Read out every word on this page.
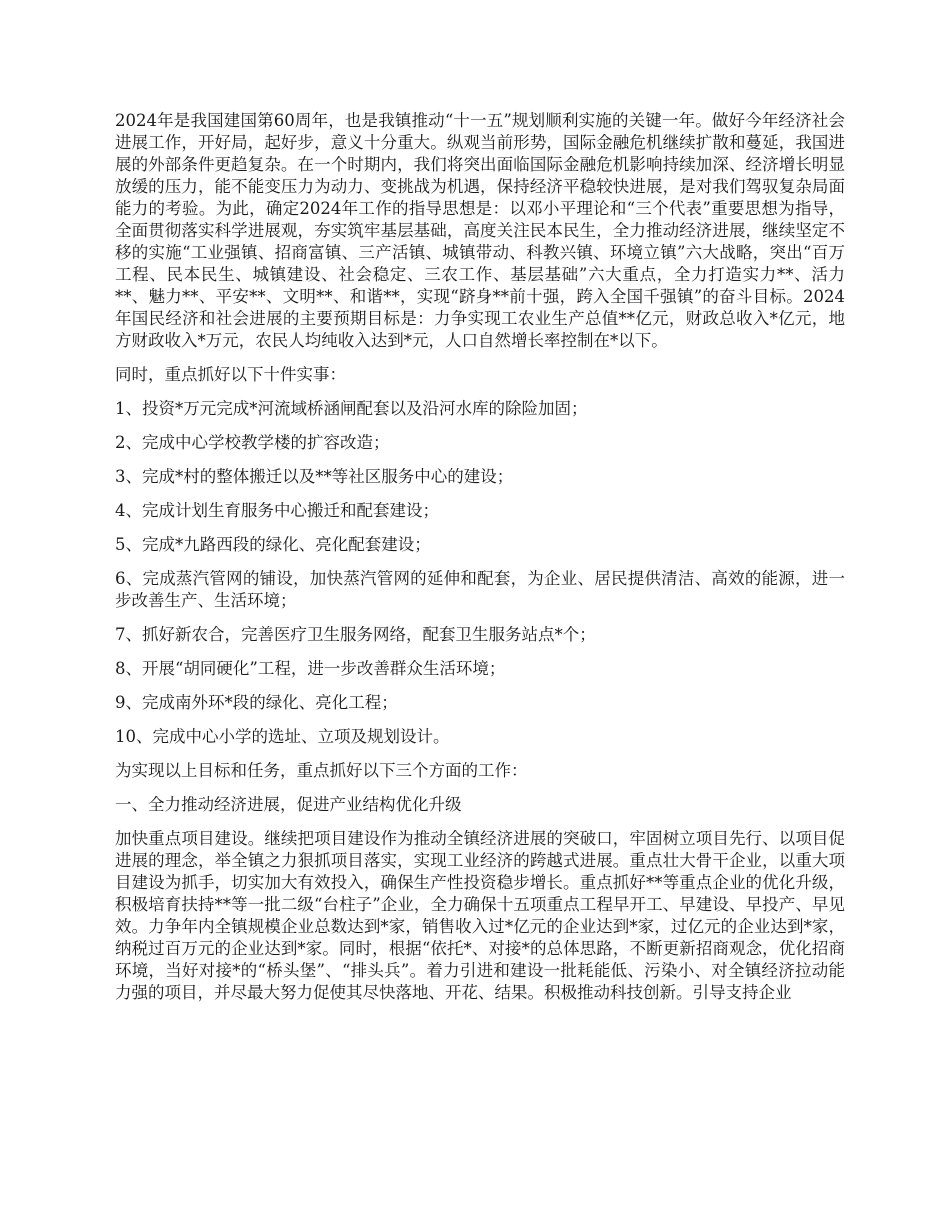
2024年是我国建国第60周年，也是我镇推动“十一五”规划顺利实施的关键一年。做好今年经济社会进展工作，开好局，起好步，意义十分重大。纵观当前形势，国际金融危机继续扩散和蔓延，我国进展的外部条件更趋复杂。在一个时期内，我们将突出面临国际金融危机影响持续加深、经济增长明显放缓的压力，能不能变压力为动力、变挑战为机遇，保持经济平稳较快进展，是对我们驾驭复杂局面能力的考验。为此，确定2024年工作的指导思想是：以邓小平理论和“三个代表”重要思想为指导，全面贯彻落实科学进展观，夯实筑牢基层基础，高度关注民本民生，全力推动经济进展，继续坚定不移的实施“工业强镇、招商富镇、三产活镇、城镇带动、科教兴镇、环境立镇”六大战略，突出“百万工程、民本民生、城镇建设、社会稳定、三农工作、基层基础”六大重点，全力打造实力**、活力**、魅力**、平安**、文明**、和谐**，实现“跻身**前十强，跨入全国千强镇”的奋斗目标。2024年国民经济和社会进展的主要预期目标是：力争实现工农业生产总值**亿元，财政总收入*亿元，地方财政收入*万元，农民人均纯收入达到*元，人口自然增长率控制在*以下。

同时，重点抓好以下十件实事：

1、投资*万元完成*河流域桥涵闸配套以及沿河水库的除险加固；

2、完成中心学校教学楼的扩容改造；

3、完成*村的整体搬迁以及**等社区服务中心的建设；

4、完成计划生育服务中心搬迁和配套建设；

5、完成*九路西段的绿化、亮化配套建设；

6、完成蒸汽管网的铺设，加快蒸汽管网的延伸和配套，为企业、居民提供清洁、高效的能源，进一步改善生产、生活环境；

7、抓好新农合，完善医疗卫生服务网络，配套卫生服务站点*个；

8、开展“胡同硬化”工程，进一步改善群众生活环境；

9、完成南外环*段的绿化、亮化工程；

10、完成中心小学的选址、立项及规划设计。

为实现以上目标和任务，重点抓好以下三个方面的工作：

一、全力推动经济进展，促进产业结构优化升级

加快重点项目建设。继续把项目建设作为推动全镇经济进展的突破口，牢固树立项目先行、以项目促进展的理念，举全镇之力狠抓项目落实，实现工业经济的跨越式进展。重点壮大骨干企业，以重大项目建设为抓手，切实加大有效投入，确保生产性投资稳步增长。重点抓好**等重点企业的优化升级，积极培育扶持**等一批二级“台柱子”企业，全力确保十五项重点工程早开工、早建设、早投产、早见效。力争年内全镇规模企业总数达到*家，销售收入过*亿元的企业达到*家，过亿元的企业达到*家，纳税过百万元的企业达到*家。同时，根据“依托*、对接*的总体思路，不断更新招商观念，优化招商环境，当好对接*的“桥头堡”、“排头兵”。着力引进和建设一批耗能低、污染小、对全镇经济拉动能力强的项目，并尽最大努力促使其尽快落地、开花、结果。积极推动科技创新。引导支持企业
